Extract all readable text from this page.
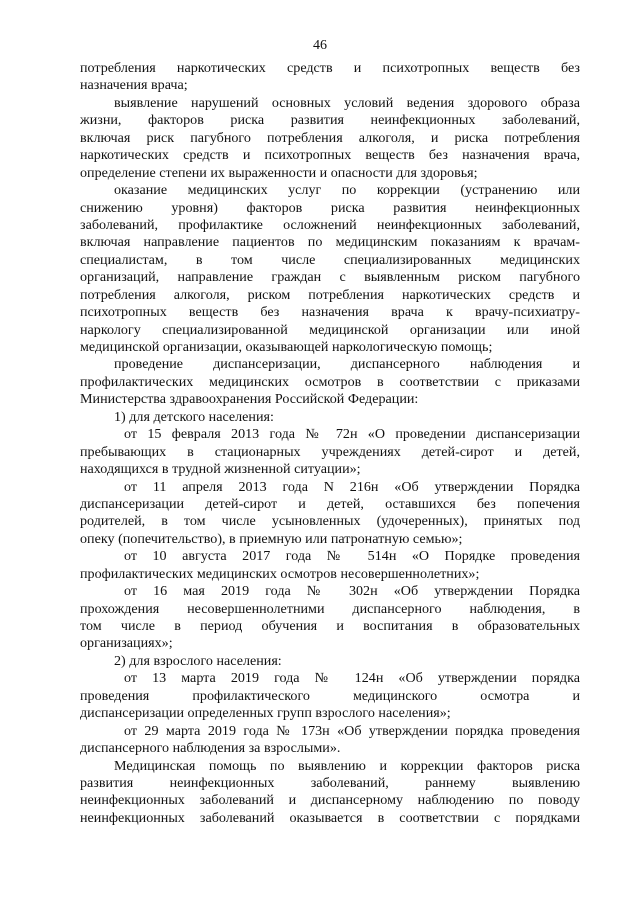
46
потребления наркотических средств и психотропных веществ без
назначения врача;
выявление нарушений основных условий ведения здорового образа
жизни, факторов риска развития неинфекционных заболеваний,
включая риск пагубного потребления алкоголя, и риска потребления
наркотических средств и психотропных веществ без назначения врача,
определение степени их выраженности и опасности для здоровья;
оказание медицинских услуг по коррекции (устранению или
снижению уровня) факторов риска развития неинфекционных
заболеваний, профилактике осложнений неинфекционных заболеваний,
включая направление пациентов по медицинским показаниям к врачам-
специалистам, в том числе специализированных медицинских
организаций, направление граждан с выявленным риском пагубного
потребления алкоголя, риском потребления наркотических средств и
психотропных веществ без назначения врача к врачу-психиатру-
наркологу специализированной медицинской организации или иной
медицинской организации, оказывающей наркологическую помощь;
проведение диспансеризации, диспансерного наблюдения и
профилактических медицинских осмотров в соответствии с приказами
Министерства здравоохранения Российской Федерации:
1) для детского населения:
от 15 февраля 2013 года № 72н «О проведении диспансеризации
пребывающих в стационарных учреждениях детей-сирот и детей,
находящихся в трудной жизненной ситуации»;
от 11 апреля 2013 года N 216н «Об утверждении Порядка
диспансеризации детей-сирот и детей, оставшихся без попечения
родителей, в том числе усыновленных (удочеренных), принятых под
опеку (попечительство), в приемную или патронатную семью»;
от 10 августа 2017 года № 514н «О Порядке проведения
профилактических медицинских осмотров несовершеннолетних»;
от 16 мая 2019 года № 302н «Об утверждении Порядка
прохождения несовершеннолетними диспансерного наблюдения, в
том числе в период обучения и воспитания в образовательных
организациях»;
2) для взрослого населения:
от 13 марта 2019 года № 124н «Об утверждении порядка
проведения профилактического медицинского осмотра и
диспансеризации определенных групп взрослого населения»;
от 29 марта 2019 года № 173н «Об утверждении порядка проведения
диспансерного наблюдения за взрослыми».
Медицинская помощь по выявлению и коррекции факторов риска
развития неинфекционных заболеваний, раннему выявлению
неинфекционных заболеваний и диспансерному наблюдению по поводу
неинфекционных заболеваний оказывается в соответствии с порядками
